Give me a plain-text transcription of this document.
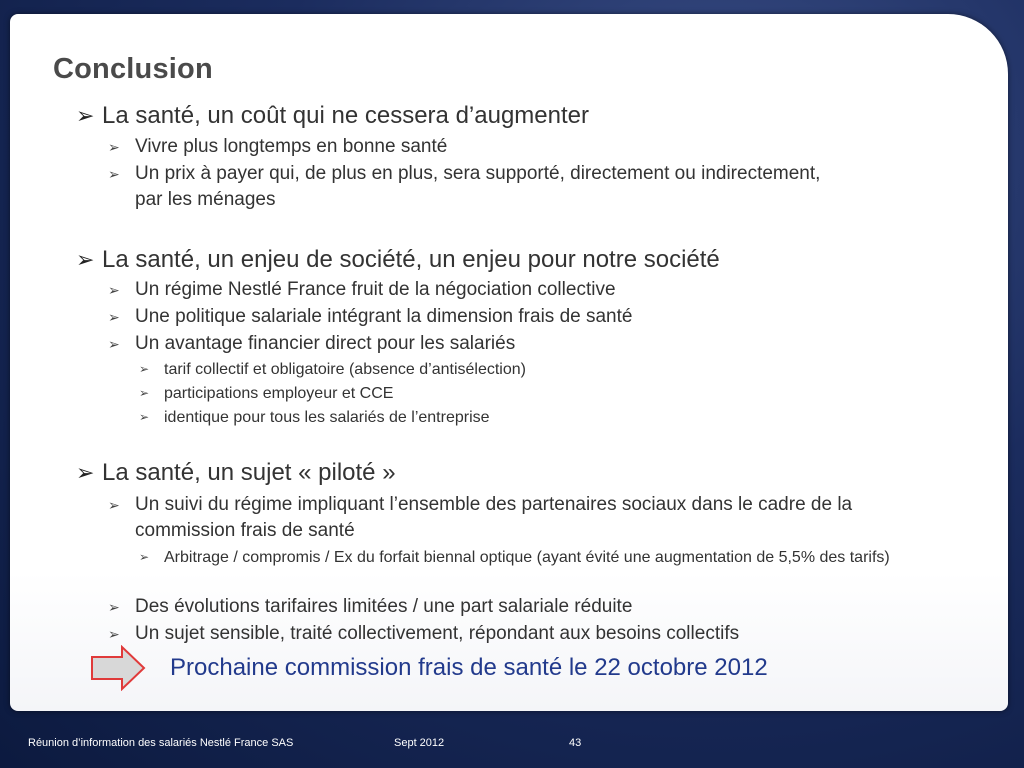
Conclusion
➢ La santé, un coût qui ne cessera d’augmenter
➢ Vivre plus longtemps en bonne santé
➢ Un prix à payer qui, de plus en plus, sera supporté, directement ou indirectement, par les ménages
➢ La santé, un enjeu de société, un enjeu pour notre société
➢ Un régime Nestlé France fruit de la négociation collective
➢ Une politique salariale intégrant la dimension frais de santé
➢ Un avantage financier direct pour les salariés
➢ tarif collectif et obligatoire (absence d’antisélection)
➢ participations employeur et CCE
➢ identique pour tous les salariés de l’entreprise
➢ La santé, un sujet « piloté »
➢ Un suivi du régime impliquant l’ensemble des partenaires sociaux dans le cadre de la commission frais de santé
➢ Arbitrage / compromis / Ex du forfait biennal optique (ayant évité une augmentation de 5,5% des tarifs)
➢ Des évolutions tarifaires limitées / une part salariale réduite
➢ Un sujet sensible, traité collectivement, répondant aux besoins collectifs
Prochaine commission frais de santé le 22 octobre 2012
Réunion d’information des salariés Nestlé France SAS	Sept 2012	43
